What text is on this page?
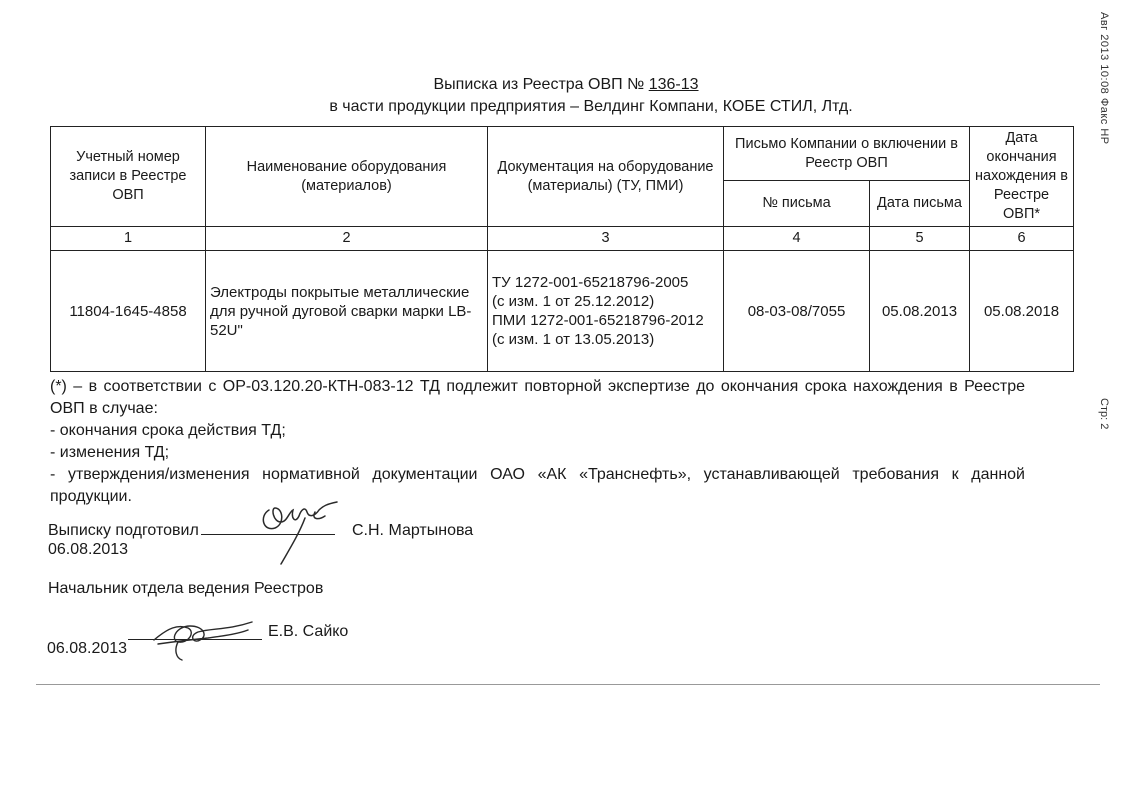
Авг 2013 10:08 Факс HP
Стр: 2
Выписка из Реестра ОВП № 136-13
в части продукции предприятия – Велдинг Компани, КОБЕ СТИЛ, Лтд.
Учетный номер записи в Реестре ОВП	Наименование оборудования (материалов)	Документация на оборудование (материалы) (ТУ, ПМИ)	Письмо Компании о включении в Реестр ОВП		Дата окончания нахождения в Реестре ОВП*
			№ письма	Дата письма	
1	2	3	4	5	6
11804-1645-4858	Электроды покрытые металлические для ручной дуговой сварки марки LB-52U"	ТУ 1272-001-65218796-2005
(с изм. 1 от 25.12.2012)
ПМИ 1272-001-65218796-2012
(с изм. 1 от 13.05.2013)	08-03-08/7055	05.08.2013	05.08.2018

(*) – в соответствии с ОР-03.120.20-КТН-083-12 ТД подлежит повторной экспертизе до окончания срока нахождения в Реестре ОВП в случае:

- окончания срока действия ТД;

- изменения ТД;

- утверждения/изменения нормативной документации ОАО «АК «Транснефть», устанавливающей требования к данной продукции.

Выписку подготовил	С.Н. Мартынова
06.08.2013
Начальник отдела ведения Реестров
Е.В. Сайко
06.08.2013
